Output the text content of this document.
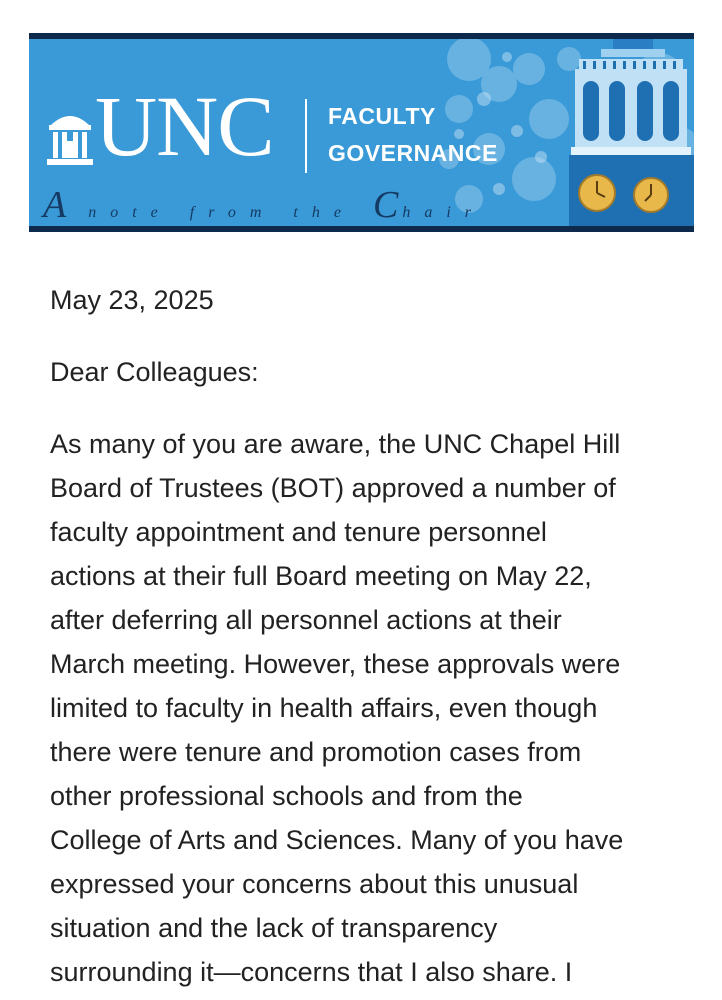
UNC FACULTY
GOVERNANCE
A note from the Chair

May 23, 2025

Dear Colleagues:

As many of you are aware, the UNC Chapel Hill
Board of Trustees (BOT) approved a number of
faculty appointment and tenure personnel
actions at their full Board meeting on May 22,
after deferring all personnel actions at their
March meeting. However, these approvals were
limited to faculty in health affairs, even though
there were tenure and promotion cases from
other professional schools and from the
College of Arts and Sciences. Many of you have
expressed your concerns about this unusual
situation and the lack of transparency
surrounding it—concerns that I also share. I
